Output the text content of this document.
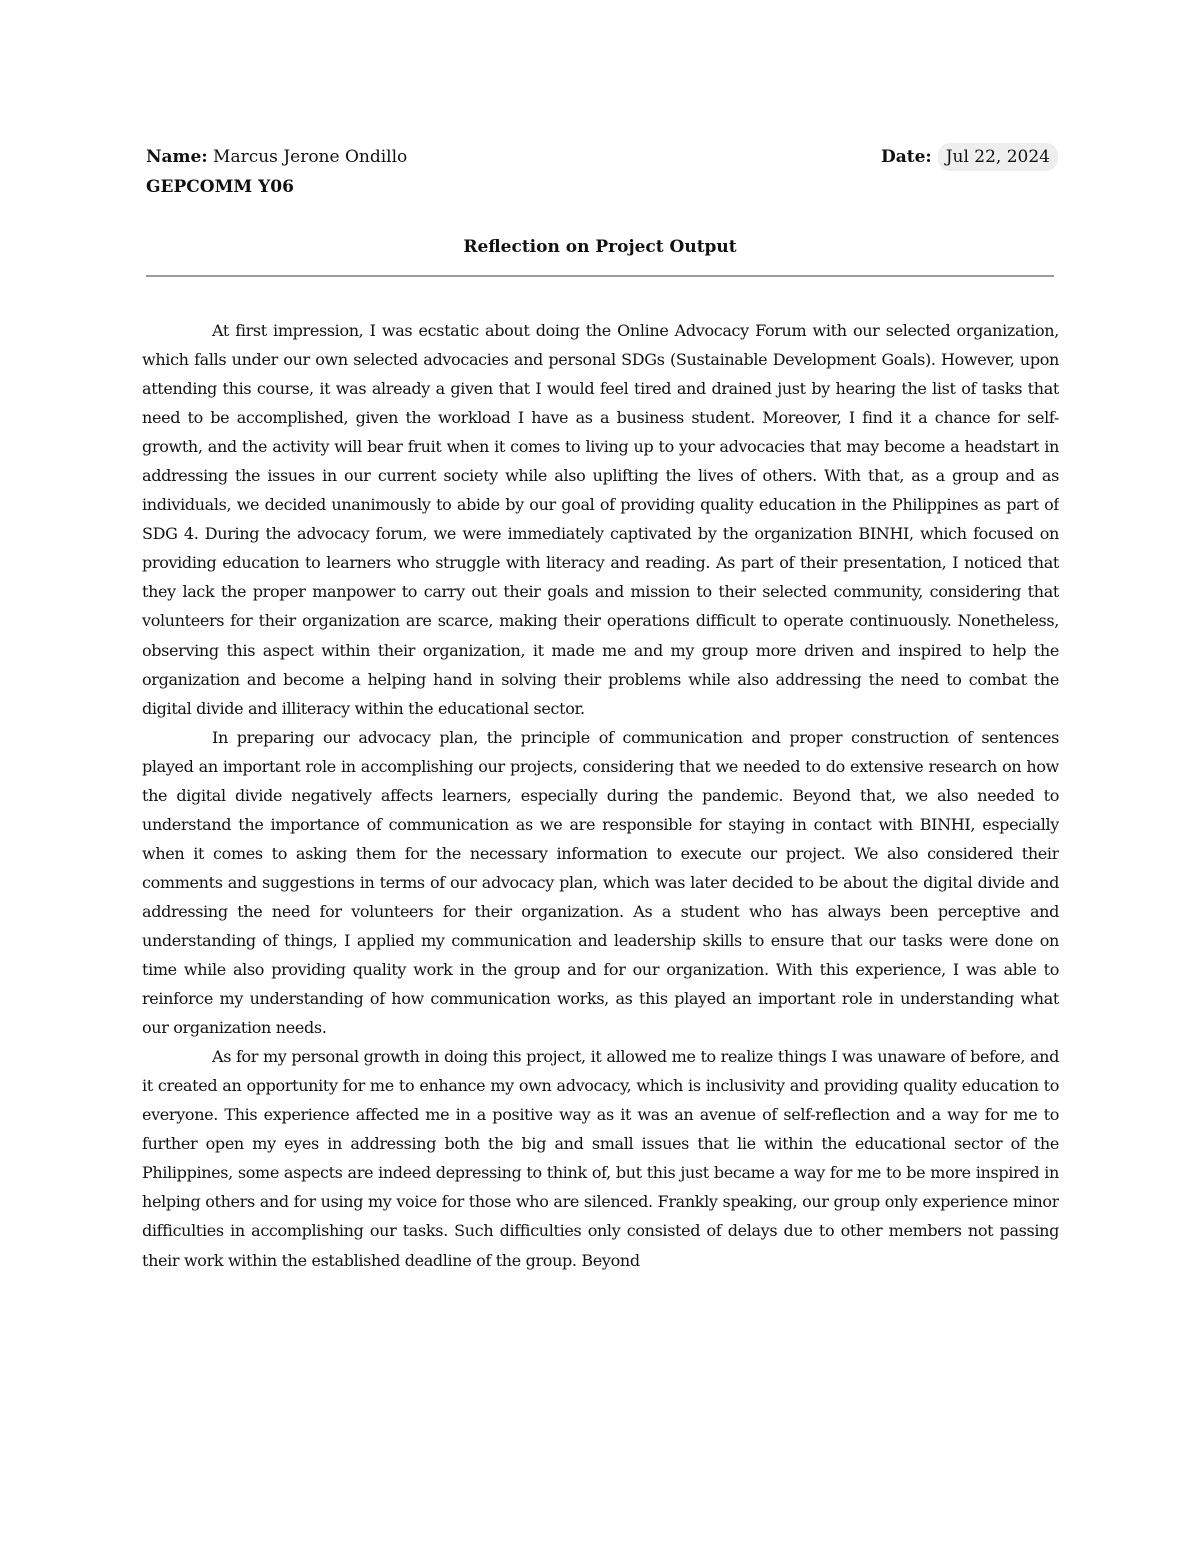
Name: Marcus Jerone Ondillo	Date: Jul 22, 2024
GEPCOMM Y06
Reflection on Project Output

At first impression, I was ecstatic about doing the Online Advocacy Forum with our selected organization, which falls under our own selected advocacies and personal SDGs (Sustainable Development Goals). However, upon attending this course, it was already a given that I would feel tired and drained just by hearing the list of tasks that need to be accomplished, given the workload I have as a business student. Moreover, I find it a chance for self-growth, and the activity will bear fruit when it comes to living up to your advocacies that may become a headstart in addressing the issues in our current society while also uplifting the lives of others. With that, as a group and as individuals, we decided unanimously to abide by our goal of providing quality education in the Philippines as part of SDG 4. During the advocacy forum, we were immediately captivated by the organization BINHI, which focused on providing education to learners who struggle with literacy and reading. As part of their presentation, I noticed that they lack the proper manpower to carry out their goals and mission to their selected community, considering that volunteers for their organization are scarce, making their operations difficult to operate continuously. Nonetheless, observing this aspect within their organization, it made me and my group more driven and inspired to help the organization and become a helping hand in solving their problems while also addressing the need to combat the digital divide and illiteracy within the educational sector.

In preparing our advocacy plan, the principle of communication and proper construction of sentences played an important role in accomplishing our projects, considering that we needed to do extensive research on how the digital divide negatively affects learners, especially during the pandemic. Beyond that, we also needed to understand the importance of communication as we are responsible for staying in contact with BINHI, especially when it comes to asking them for the necessary information to execute our project. We also considered their comments and suggestions in terms of our advocacy plan, which was later decided to be about the digital divide and addressing the need for volunteers for their organization. As a student who has always been perceptive and understanding of things, I applied my communication and leadership skills to ensure that our tasks were done on time while also providing quality work in the group and for our organization. With this experience, I was able to reinforce my understanding of how communication works, as this played an important role in understanding what our organization needs.

As for my personal growth in doing this project, it allowed me to realize things I was unaware of before, and it created an opportunity for me to enhance my own advocacy, which is inclusivity and providing quality education to everyone. This experience affected me in a positive way as it was an avenue of self-reflection and a way for me to further open my eyes in addressing both the big and small issues that lie within the educational sector of the Philippines, some aspects are indeed depressing to think of, but this just became a way for me to be more inspired in helping others and for using my voice for those who are silenced. Frankly speaking, our group only experience minor difficulties in accomplishing our tasks. Such difficulties only consisted of delays due to other members not passing their work within the established deadline of the group. Beyond
